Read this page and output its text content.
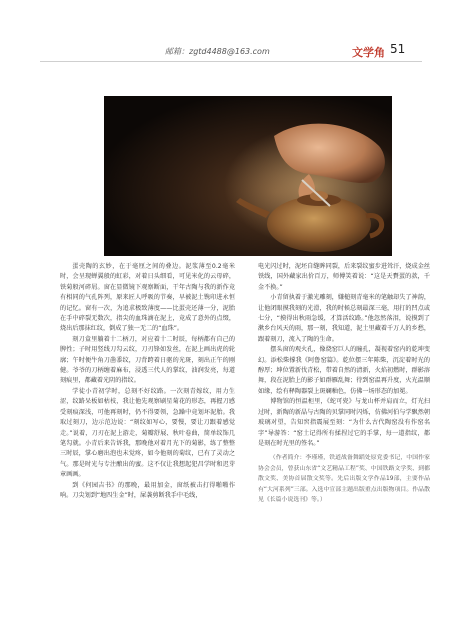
邮箱：zgtd4488@163.com	文学角 51

蛋壳陶的玄妙，在于毫厘之间的叠边。泥浆薄至0.2毫米时，会呈现蝉翼般的虹彩，对着日头细看，可见米化的云母碎，铁菊般河碎屑。窗在显微镜下观察断面，干年古陶与我的新作竟有相同的气孔阵列，原来匠人呼吸的节奏，早被泥土镌印进永恒的记忆。窗有一次，为追求极致薄度——比蛋壳还薄一分，泥胎在手中碎裂无数次，指尖的血珠滴在泥上，竟成了意外的点缀，烧出后那抹红纹，倒成了独一无二的“血珠”。

刻刀盒里躺着十二柄刀，对应着十二时辰，每柄都有自己的脾性；子时用竖线刀勾云纹，刀刃锋如发丝，在泥上画出虎的轮廓；午时便牛角刀凿黍纹，刀背跨着日驱的光斑，刻出正午的刚健。爷爷的刀柄缠着麻布，浸透三代人的掌纹，油润发亮，每道刻痕里，都藏着光阴的指纹。

学徒小青初学时，总刻不好纹路。一次刻青嫁纹，用力生涩，纹路呆板如枯枝，我让他先观察刷星菊花的形态，再握刀感受刻痕深浅，可他再刻时，仍不得要领，急躁中竟划坏泥胎。我取过刻刀，边示范边说：“刻纹如写心，要慢，要让刀跟着感觉走。”说着，刀刃在泥上游走，菊瓣舒展、秋叶卷曲，简单纹饰几笔勾就。小青后来告诉我，那晚他对着月光下的菊影，练了整整三时辰，掌心磨出泡也未觉疼，如今他刻的菊纹，已有了灵动之气。那是时光与专注酿出的蜜。这不仅让我想起犯昌学时和迟芽章画画。

到《何园吉书》的那晚，最用加金，窗纸被击打得啪啪作响。刀尖划到“地四生金”时，屎袭剪断我手中毛线，

电光闪过时，泥坯自缝眸同裂，后来裂纹蜜步进耸汗，烧成金丝铁线，国外藏家出价百万，师傅笑着说：“这是天賚蛋的款，千金不换。”

小青留执着于激光雕刻，嫌槌刻青毫米的笔触却失了神韵，让他闭眼摸我刻的光滑，我的时候总刻最深三毫，用打的凹点或七分，“摸得出秋雨急缓，才算活纹路。”他忽然落泪，说摸到了漱乡台风天的雨，那一刻，我知道，泥土里藏着千万人的乡愁，跟着刻刀，流入了陶的生命。

摆头窗的观火孔，像烧窑巨人的瞳孔，凝视着窑内的乾坤变幻。添松柴撑我《阿鲁窑篇》。乾位摆三年陈柴，沉淀着时光的醇厚；坤位置新伐青松，带着自然的清新，火焰初燃时，群影溶舞，段在泥胎上的影子如群雁乱舞；待到窑温再升度，火光温顺如缘，绘有释陶器裂上斑斓釉色，仿佛一场形态的加冕。

博物馆的恒温柜里，《蛇可瓷》与龙山杯并肩而立，灯光扫过时，新陶的新晶与古陶的贝掌同时闪烁，仿佛河伯与学飘然朝玻璃对望，告知窖指震展至刻：“为什么古代陶窑没有作窑名字”导游答：“窑土记得所有揉捏过它的手掌，每一道指纹，都是刻在时光里的签名。”

（作者简介：李瑾瑾，铁道战备舞蹈处原党委书记，中国作家协会会员，曾获山东省“文艺精品工程”奖、中国铁路文学奖、到都散文奖、美协首届散文奖等。先后出版文学作品19部，主要作品有“大河系列”三部。入选中宣部主题出版重点出版物项目。作品散见《长篇小说选刊》等。）
